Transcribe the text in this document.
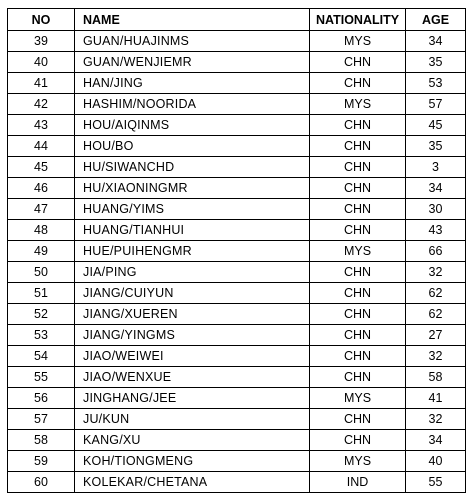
NO	NAME	NATIONALITY	AGE
39	GUAN/HUAJINMS	MYS	34
40	GUAN/WENJIEMR	CHN	35
41	HAN/JING	CHN	53
42	HASHIM/NOORIDA	MYS	57
43	HOU/AIQINMS	CHN	45
44	HOU/BO	CHN	35
45	HU/SIWANCHD	CHN	3
46	HU/XIAONINGMR	CHN	34
47	HUANG/YIMS	CHN	30
48	HUANG/TIANHUI	CHN	43
49	HUE/PUIHENGMR	MYS	66
50	JIA/PING	CHN	32
51	JIANG/CUIYUN	CHN	62
52	JIANG/XUEREN	CHN	62
53	JIANG/YINGMS	CHN	27
54	JIAO/WEIWEI	CHN	32
55	JIAO/WENXUE	CHN	58
56	JINGHANG/JEE	MYS	41
57	JU/KUN	CHN	32
58	KANG/XU	CHN	34
59	KOH/TIONGMENG	MYS	40
60	KOLEKAR/CHETANA	IND	55
